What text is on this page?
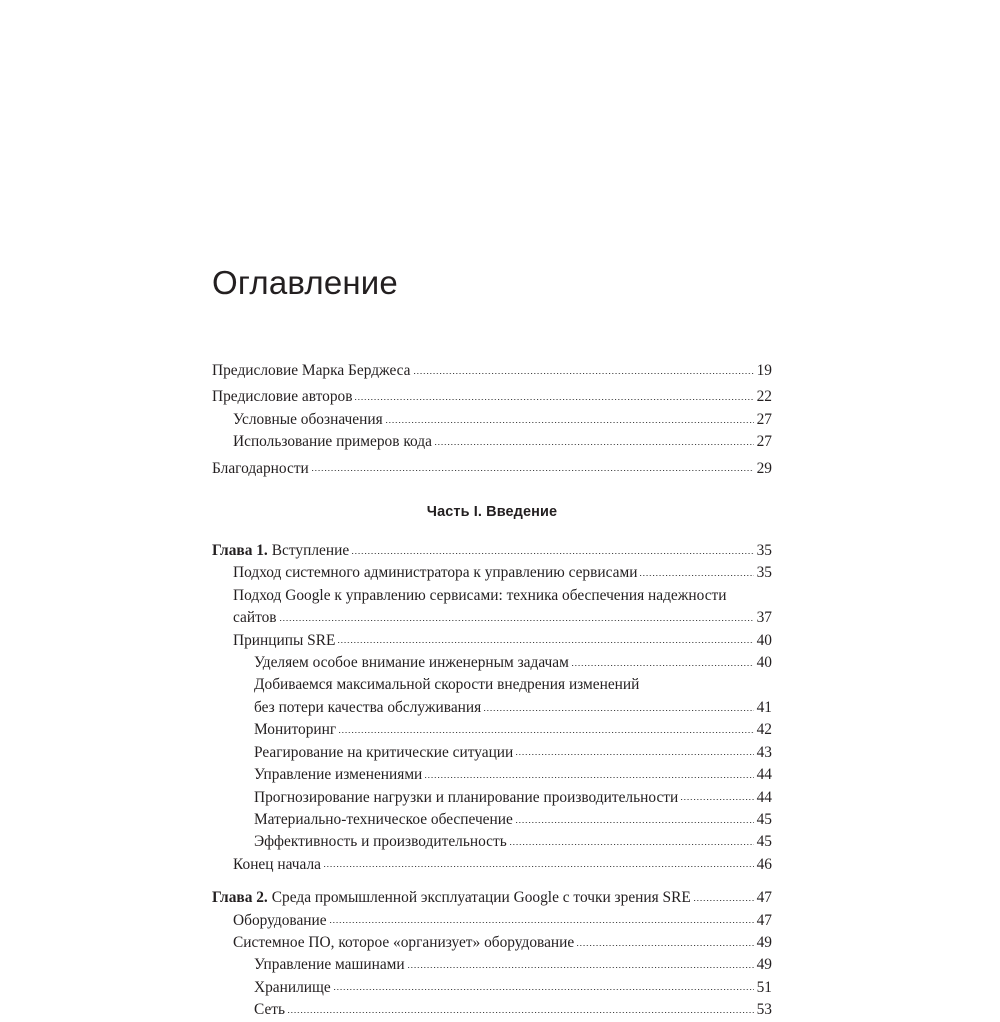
Оглавление
Предисловие Марка Берджеса	19
Предисловие авторов	22
Условные обозначения	27
Использование примеров кода	27
Благодарности	29
Часть I. Введение
Глава 1. Вступление	35
Подход системного администратора к управлению сервисами	35
Подход Google к управлению сервисами: техника обеспечения надежности
сайтов	37
Принципы SRE	40
Уделяем особое внимание инженерным задачам	40
Добиваемся максимальной скорости внедрения изменений
без потери качества обслуживания	41
Мониторинг	42
Реагирование на критические ситуации	43
Управление изменениями	44
Прогнозирование нагрузки и планирование производительности	44
Материально-техническое обеспечение	45
Эффективность и производительность	45
Конец начала	46
Глава 2. Среда промышленной эксплуатации Google с точки зрения SRE	47
Оборудование	47
Системное ПО, которое «организует» оборудование	49
Управление машинами	49
Хранилище	51
Сеть	53
